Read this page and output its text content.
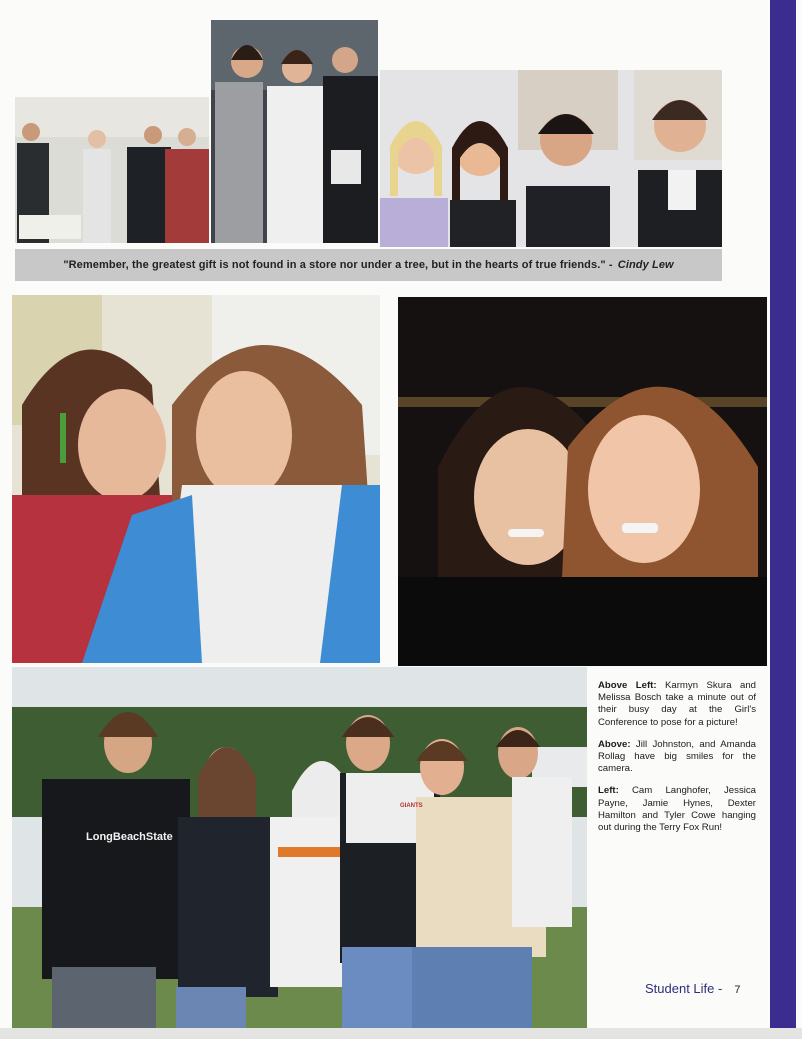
"Remember, the greatest gift is not found in a store nor under a tree, but in the hearts of true friends."
-
Cindy Lew
LongBeachState
GIANTS

Above Left: Karmyn Skura and Melissa Bosch take a minute out of their busy day at the Girl's Conference to pose for a picture!

Above: Jill Johnston, and Amanda Rollag have big smiles for the camera.

Left: Cam Langhofer, Jessica Payne, Jamie Hynes, Dexter Hamilton and Tyler Cowe hanging out during the Terry Fox Run!

Student Life - 7
